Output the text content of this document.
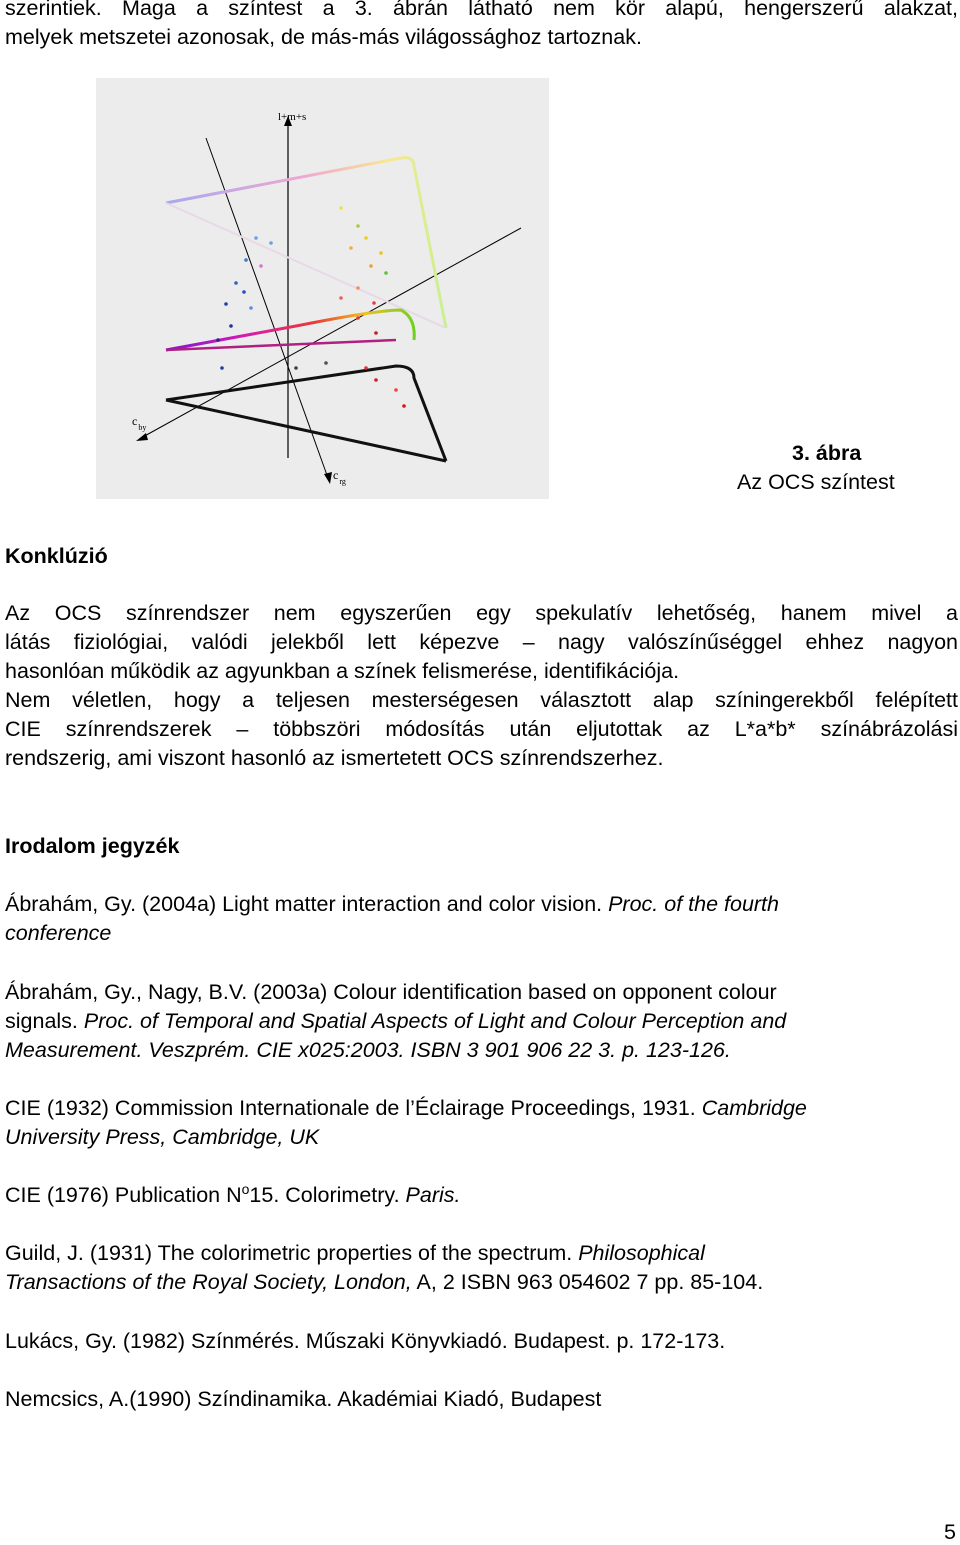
szerintiek. Maga a színtest a 3. ábrán látható nem kör alapú, hengerszerű alakzat,
melyek metszetei azonosak, de más-más világossághoz tartoznak.
l+m+s
$c_{by}$
$c_{rg}$
3. ábra
Az OCS színtest
Konklúzió
Az OCS színrendszer nem egyszerűen egy spekulatív lehetőség, hanem mivel a
látás fiziológiai, valódi jelekből lett képezve – nagy valószínűséggel ehhez nagyon
hasonlóan működik az agyunkban a színek felismerése, identifikációja.
Nem véletlen, hogy a teljesen mesterségesen választott alap színingerekből felépített
CIE színrendszerek – többszöri módosítás után eljutottak az L*a*b* színábrázolási
rendszerig, ami viszont hasonló az ismertetett OCS színrendszerhez.
Irodalom jegyzék
Ábrahám, Gy. (2004a) Light matter interaction and color vision. Proc. of the fourth
conference
Ábrahám, Gy., Nagy, B.V. (2003a) Colour identification based on opponent colour
signals. Proc. of Temporal and Spatial Aspects of Light and Colour Perception and
Measurement. Veszprém. CIE x025:2003. ISBN 3 901 906 22 3. p. 123-126.
CIE (1932) Commission Internationale de l’Éclairage Proceedings, 1931. Cambridge
University Press, Cambridge, UK
CIE (1976) Publication $N^o15$. Colorimetry. Paris.
Guild, J. (1931) The colorimetric properties of the spectrum. Philosophical
Transactions of the Royal Society, London, A, 2 ISBN 963 054602 7 pp. 85-104.
Lukács, Gy. (1982) Színmérés. Műszaki Könyvkiadó. Budapest. p. 172-173.
Nemcsics, A.(1990) Színdinamika. Akadémiai Kiadó, Budapest
5
